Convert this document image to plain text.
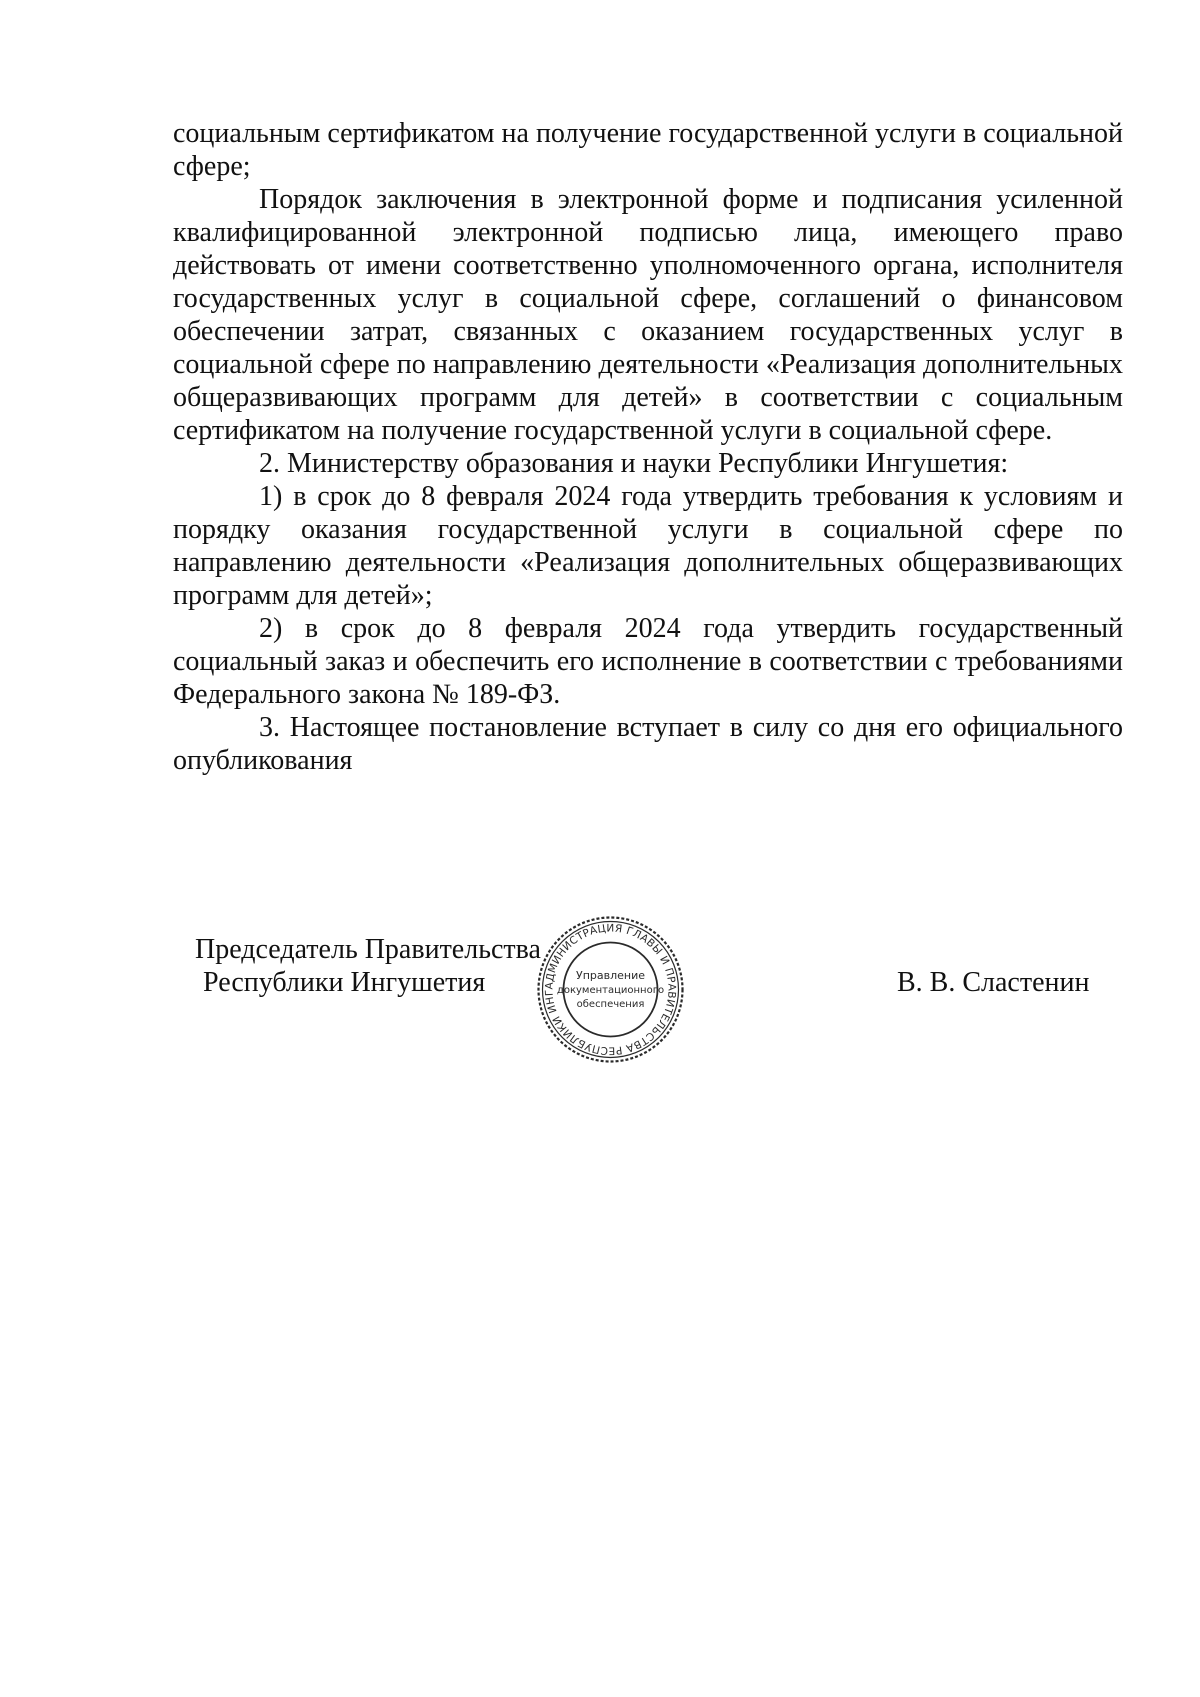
социальным сертификатом на получение государственной услуги в социальной сфере;

Порядок заключения в электронной форме и подписания усиленной квалифицированной электронной подписью лица, имеющего право действовать от имени соответственно уполномоченного органа, исполнителя государственных услуг в социальной сфере, соглашений о финансовом обеспечении затрат, связанных с оказанием государственных услуг в социальной сфере по направлению деятельности «Реализация дополнительных общеразвивающих программ для детей» в соответствии с социальным сертификатом на получение государственной услуги в социальной сфере.

2. Министерству образования и науки Республики Ингушетия:

1) в срок до 8 февраля 2024 года утвердить требования к условиям и порядку оказания государственной услуги в социальной сфере по направлению деятельности «Реализация дополнительных общеразвивающих программ для детей»;

2) в срок до 8 февраля 2024 года утвердить государственный социальный заказ и обеспечить его исполнение в соответствии с требованиями Федерального закона № 189-ФЗ.

3. Настоящее постановление вступает в силу со дня его официального опубликования

Председатель Правительства
Республики Ингушетия	В. В. Сластенин
АДМИНИСТРАЦИЯ ГЛАВЫ И ПРАВИТЕЛЬСТВА РЕСПУБЛИКИ ИНГ
Управление
документационного
обеспечения
